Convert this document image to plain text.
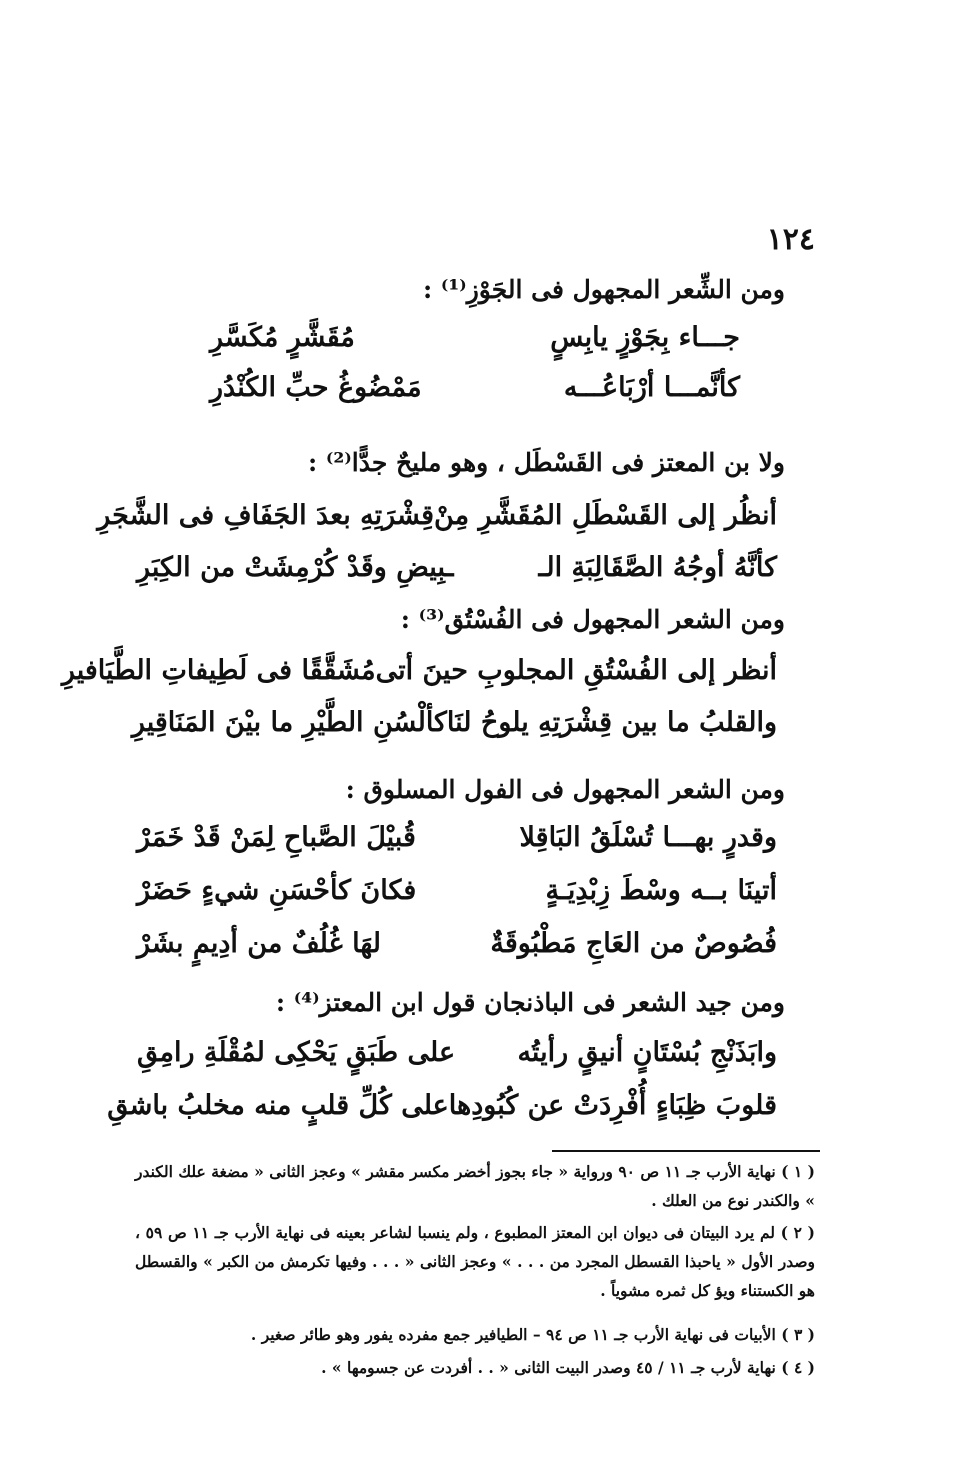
١٢٤
ومن الشِّعر المجهول فى الجَوْزِ⁽¹⁾ :
جـــاء بِجَوْزٍ يابِسٍ
مُقَشَّرٍ مُكَسَّرِ
كأنَّمـــا أرْبَاعُـــه
مَمْضُوغُ حبِّ الكُنْدُرِ
ولا بن المعتز فى القَسْطَل ، وهو مليحٌ جدًّا⁽²⁾ :
أنظُر إلى القَسْطَلِ المُقَشَّرِ مِنْ
قِشْرَتِهِ بعدَ الجَفَافِ فى الشَّجَرِ
كأنَّهُ أوجُهُ الصَّقَالِبَةِ الـ
ـبِيضِ وقَدْ كُرْمِشَتْ من الكِبَرِ
ومن الشعر المجهول فى الفُسْتُق⁽³⁾ :
أنظر إلى الفُسْتُقِ المجلوبِ حينَ أتى
مُشَقَّقًا فى لَطِيفاتِ الطَّيَافيرِ
والقلبُ ما بين قِشْرَتِهِ يلوحُ لنَا
كألْسُنِ الطَّيْرِ ما بيْنَ المَنَاقِيرِ
ومن الشعر المجهول فى الفول المسلوق :
وقدرٍ بهـــا تُسْلَقُ البَاقِلا
قُبيْلَ الصَّباحِ لِمَنْ قَدْ خَمَرْ
أتينَا بــه وسْطَ زِبْدِيَـةٍ
فكانَ كأحْسَنِ شيءٍ حَضَرْ
فُصُوصٌ من العَاجِ مَطْبُوقَةٌ
لهَا غُلُفٌ من أدِيمٍ بشَرْ
ومن جيد الشعر فى الباذنجان قول ابن المعتز⁽⁴⁾ :
وابَذَنْجِ بُسْتَانٍ أنيقٍ رأيتُه
على طَبَقٍ يَحْكِى لمُقْلَةِ رامِقِ
قلوبَ ظِبَاءٍ أُفْرِدَتْ عن كُبُودِها
على كُلِّ قلبٍ منه مخلبُ باشقِ
( ١ ) نهاية الأرب جـ ١١ ص ٩٠ ورواية « جاء بجوز أخضر مكسر مقشر » وعجز الثانى « مضغة علك الكندر » والكندر نوع من العلك .
( ٢ ) لم يرد البيتان فى ديوان ابن المعتز المطبوع ، ولم ينسبا لشاعر بعينه فى نهاية الأرب جـ ١١ ص ٥٩ ، وصدر الأول « ياحبذا القسطل المجرد من . . . » وعجز الثانى « . . . وفيها تكرمش من الكبر » والقسطل هو الكستناء ويؤ كل ثمره مشوياً .
( ٣ ) الأبيات فى نهاية الأرب جـ ١١ ص ٩٤ – الطيافير جمع مفرده يفور وهو طائر صغير .
( ٤ ) نهاية لأرب جـ ١١ / ٤٥ وصدر البيت الثانى « . . أفردت عن جسومها » .
